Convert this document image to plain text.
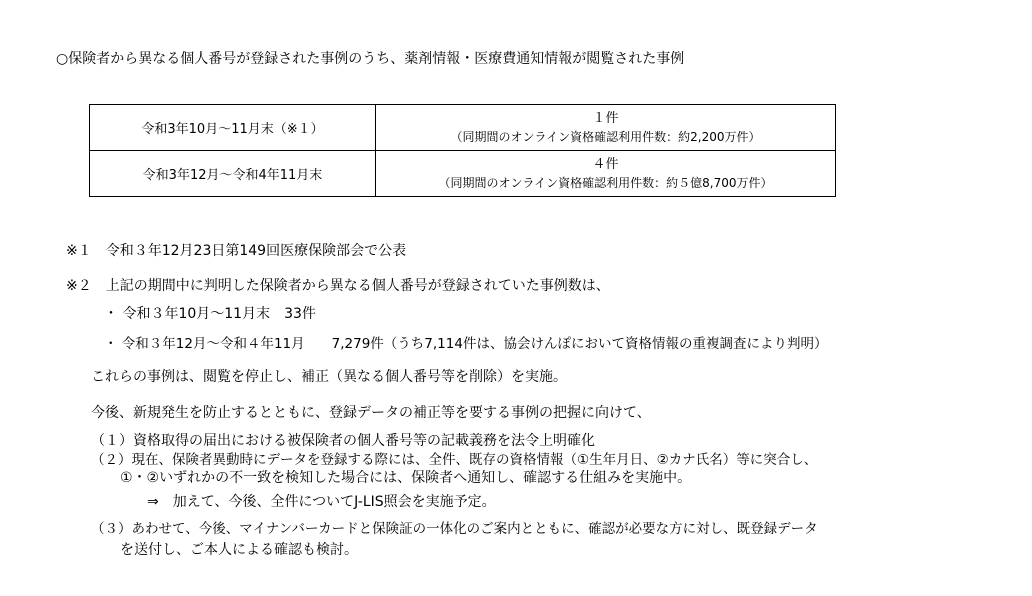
○保険者から異なる個人番号が登録された事例のうち、薬剤情報・医療費通知情報が閲覧された事例
令和3年10月～11月末（※１）	１件
（同期間のオンライン資格確認利用件数：約2,200万件）

令和3年12月～令和4年11月末	４件
（同期間のオンライン資格確認利用件数：約５億8,700万件）
※１　令和３年12月23日第149回医療保険部会で公表
※２　上記の期間中に判明した保険者から異なる個人番号が登録されていた事例数は、
・ 令和３年10月～11月末　33件
・ 令和３年12月～令和４年11月　　7,279件（うち7,114件は、協会けんぽにおいて資格情報の重複調査により判明）
これらの事例は、閲覧を停止し、補正（異なる個人番号等を削除）を実施。
今後、新規発生を防止するとともに、登録データの補正等を要する事例の把握に向けて、
（１）資格取得の届出における被保険者の個人番号等の記載義務を法令上明確化
（２）現在、保険者異動時にデータを登録する際には、全件、既存の資格情報（①生年月日、②カナ氏名）等に突合し、
①・②いずれかの不一致を検知した場合には、保険者へ通知し、確認する仕組みを実施中。
⇒　加えて、今後、全件についてJ-LIS照会を実施予定。
（３）あわせて、今後、マイナンバーカードと保険証の一体化のご案内とともに、確認が必要な方に対し、既登録データ
を送付し、ご本人による確認も検討。
